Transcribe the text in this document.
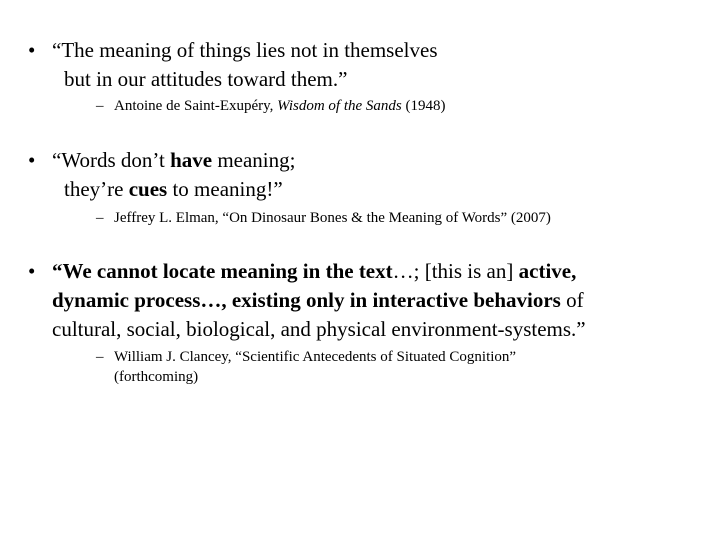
• “The meaning of things lies not in themselves
but in our attitudes toward them.”
– Antoine de Saint-Exupéry, Wisdom of the Sands (1948)
• “Words don’t have meaning;
they’re cues to meaning!”
– Jeffrey L. Elman, “On Dinosaur Bones & the Meaning of Words” (2007)
• “We cannot locate meaning in the text…; [this is an] active,
dynamic process…, existing only in interactive behaviors of
cultural, social, biological, and physical environment-systems.”
– William J. Clancey, “Scientific Antecedents of Situated Cognition”
(forthcoming)
